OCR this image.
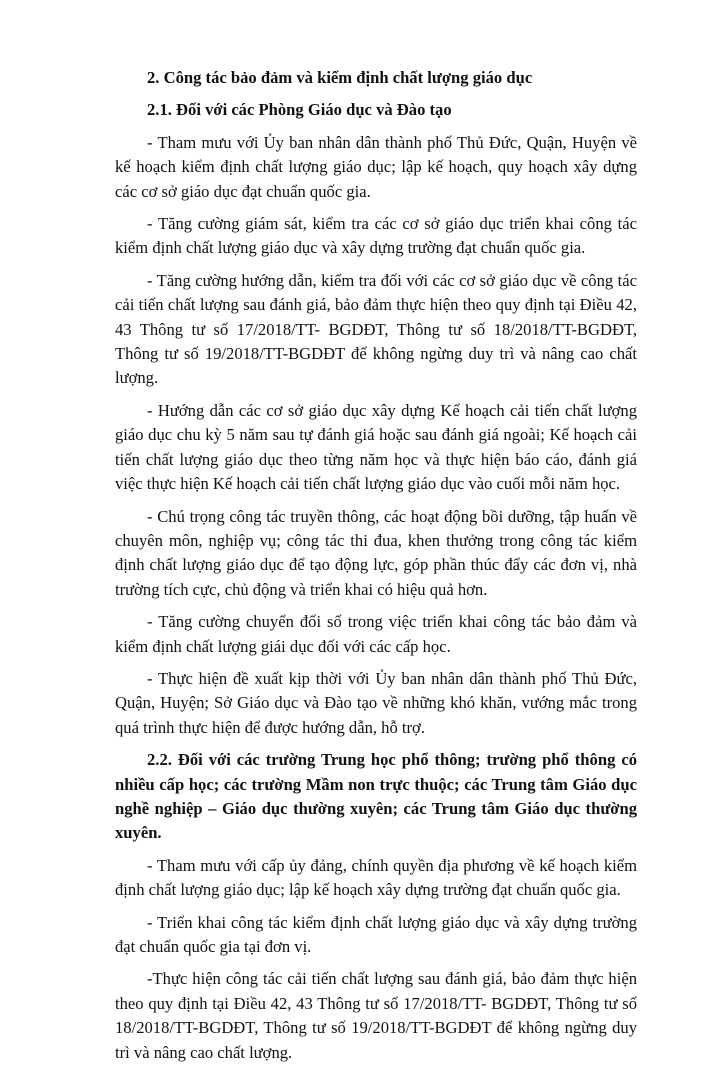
2. Công tác bảo đảm và kiểm định chất lượng giáo dục
2.1. Đối với các Phòng Giáo dục và Đào tạo

- Tham mưu với Ủy ban nhân dân thành phố Thủ Đức, Quận, Huyện về kế hoạch kiểm định chất lượng giáo dục; lập kế hoạch, quy hoạch xây dựng các cơ sở giáo dục đạt chuẩn quốc gia.

- Tăng cường giám sát, kiểm tra các cơ sở giáo dục triển khai công tác kiểm định chất lượng giáo dục và xây dựng trường đạt chuẩn quốc gia.

- Tăng cường hướng dẫn, kiểm tra đối với các cơ sở giáo dục về công tác cải tiến chất lượng sau đánh giá, bảo đảm thực hiện theo quy định tại Điều 42, 43 Thông tư số 17/2018/TT- BGDĐT, Thông tư số 18/2018/TT-BGDĐT, Thông tư số 19/2018/TT-BGDĐT để không ngừng duy trì và nâng cao chất lượng.

- Hướng dẫn các cơ sở giáo dục xây dựng Kế hoạch cải tiến chất lượng giáo dục chu kỳ 5 năm sau tự đánh giá hoặc sau đánh giá ngoài; Kế hoạch cải tiến chất lượng giáo dục theo từng năm học và thực hiện báo cáo, đánh giá việc thực hiện Kế hoạch cải tiến chất lượng giáo dục vào cuối mỗi năm học.

- Chú trọng công tác truyền thông, các hoạt động bồi dưỡng, tập huấn về chuyên môn, nghiệp vụ; công tác thi đua, khen thưởng trong công tác kiểm định chất lượng giáo dục để tạo động lực, góp phần thúc đẩy các đơn vị, nhà trường tích cực, chủ động và triển khai có hiệu quả hơn.

- Tăng cường chuyển đổi số trong việc triển khai công tác bảo đảm và kiểm định chất lượng giái dục đối với các cấp học.

- Thực hiện đề xuất kịp thời với Ủy ban nhân dân thành phố Thủ Đức, Quận, Huyện; Sở Giáo dục và Đào tạo về những khó khăn, vướng mắc trong quá trình thực hiện để được hướng dẫn, hỗ trợ.

2.2. Đối với các trường Trung học phổ thông; trường phổ thông có nhiều cấp học; các trường Mầm non trực thuộc; các Trung tâm Giáo dục nghề nghiệp – Giáo dục thường xuyên; các Trung tâm Giáo dục thường xuyên.

- Tham mưu với cấp ủy đảng, chính quyền địa phương về kế hoạch kiểm định chất lượng giáo dục; lập kế hoạch xây dựng trường đạt chuẩn quốc gia.

- Triển khai công tác kiểm định chất lượng giáo dục và xây dựng trường đạt chuẩn quốc gia tại đơn vị.

-Thực hiện công tác cải tiến chất lượng sau đánh giá, bảo đảm thực hiện theo quy định tại Điều 42, 43 Thông tư số 17/2018/TT- BGDĐT, Thông tư số 18/2018/TT-BGDĐT, Thông tư số 19/2018/TT-BGDĐT để không ngừng duy trì và nâng cao chất lượng.
